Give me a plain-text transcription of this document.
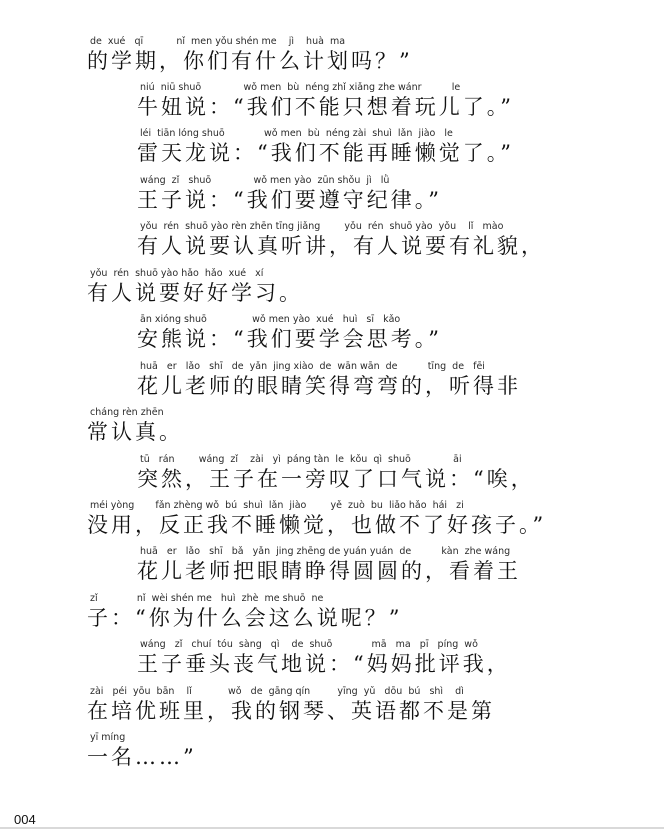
de  xué   qī           nǐ  men yǒu shén me    jì    huà  ma
的学期，你们有什么计划吗？”
niú  niū shuō              wǒ men  bù  néng zhǐ xiǎng zhe wánr          le
牛妞说：“我们不能只想着玩儿了。”
léi  tiān lóng shuō             wǒ men  bù  néng zài  shuì  lǎn  jiào   le
雷天龙说：“我们不能再睡懒觉了。”
wáng  zǐ   shuō              wǒ men yào  zūn shǒu  jì   lǜ
王子说：“我们要遵守纪律。”
yǒu  rén  shuō yào rèn zhēn tīng jiǎng        yǒu  rén  shuō yào  yǒu    lǐ   mào
有人说要认真听讲，有人说要有礼貌，
yǒu  rén  shuō yào hǎo  hǎo  xué   xí
有人说要好好学习。
ān xióng shuō               wǒ men yào  xué   huì   sī   kǎo
安熊说：“我们要学会思考。”
huā   er   lǎo   shī   de  yǎn  jing xiào  de  wān wān  de          tīng  de   fēi
花儿老师的眼睛笑得弯弯的，听得非
cháng rèn zhēn
常认真。
tū   rán        wáng  zǐ    zài   yì  páng tàn  le  kǒu  qì  shuō              āi
突然，王子在一旁叹了口气说：“唉，
méi yòng       fǎn zhèng wǒ  bú  shuì  lǎn  jiào        yě  zuò  bu  liǎo hǎo  hái   zi
没用，反正我不睡懒觉，也做不了好孩子。”
huā   er   lǎo   shī   bǎ   yǎn  jing zhēng de yuán yuán  de          kàn  zhe wáng
花儿老师把眼睛睁得圆圆的，看着王
zǐ             nǐ  wèi shén me   huì  zhè  me shuō  ne
子：“你为什么会这么说呢？”
wáng   zǐ   chuí  tóu  sàng   qì    de  shuō             mā   ma   pī   píng  wǒ
王子垂头丧气地说：“妈妈批评我，
zài   péi  yōu  bān    lǐ            wǒ   de  gāng qín         yīng  yǔ   dōu  bú   shì    dì
在培优班里，我的钢琴、英语都不是第
yī míng
一名……”
004
